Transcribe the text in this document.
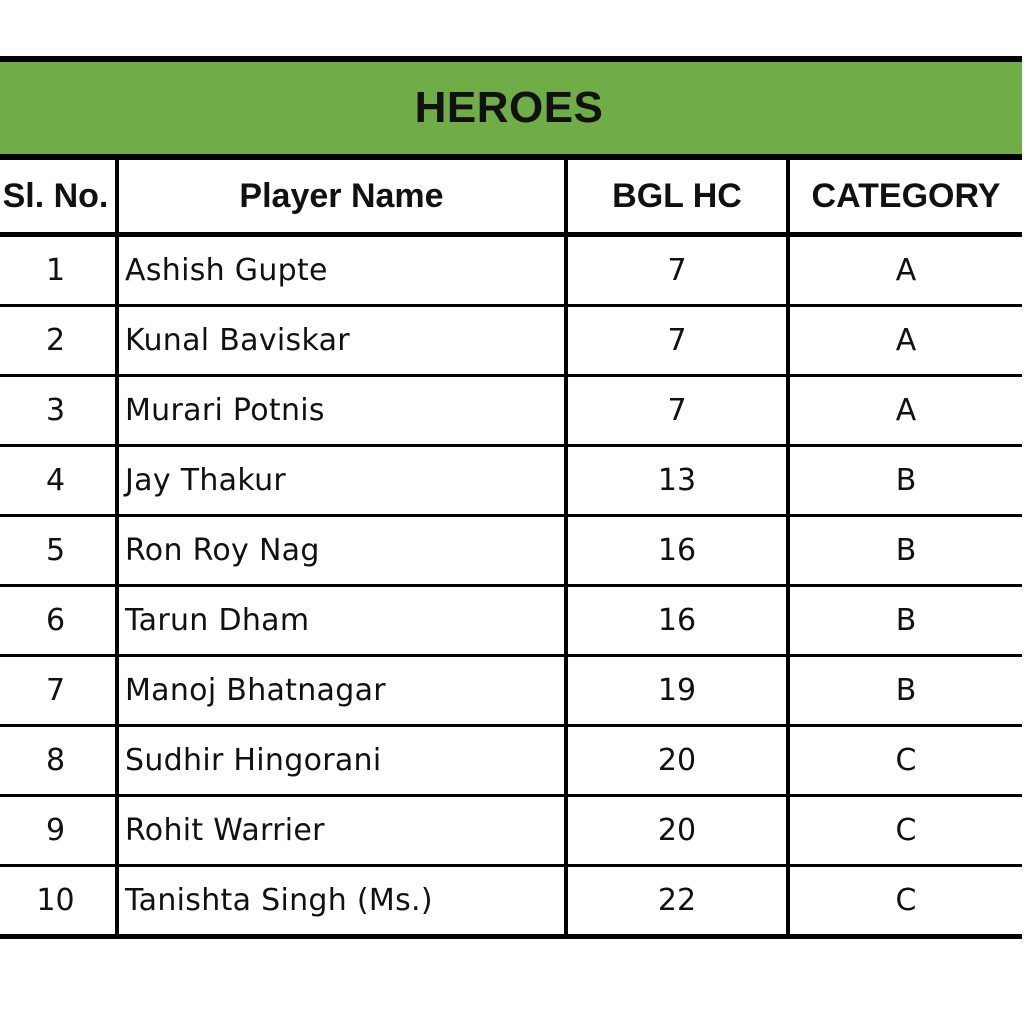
HEROES
Sl. No.	Player Name	BGL HC	CATEGORY
1	Ashish Gupte	7	A
2	Kunal Baviskar	7	A
3	Murari Potnis	7	A
4	Jay Thakur	13	B
5	Ron Roy Nag	16	B
6	Tarun Dham	16	B
7	Manoj Bhatnagar	19	B
8	Sudhir Hingorani	20	C
9	Rohit Warrier	20	C
10	Tanishta Singh (Ms.)	22	C
